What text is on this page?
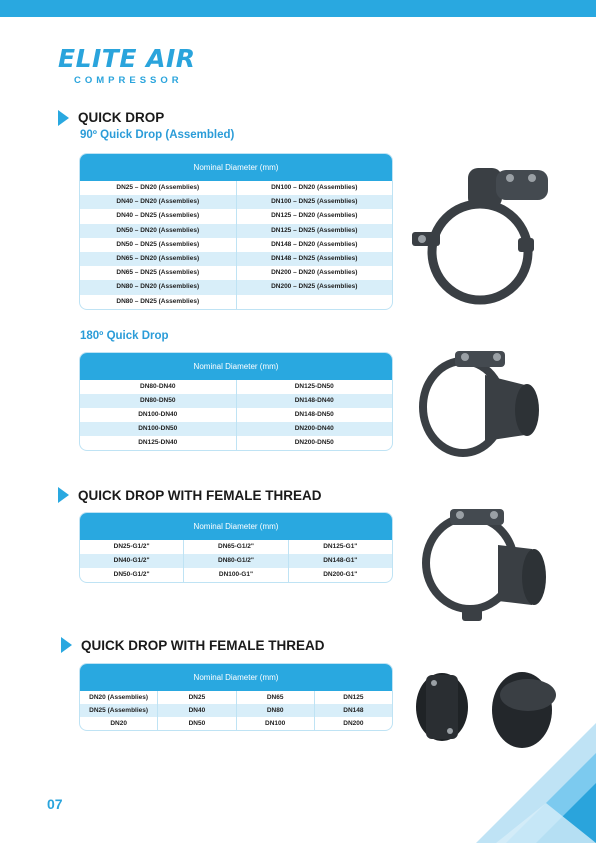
ELITE AIR
COMPRESSOR
QUICK DROP
90º Quick Drop (Assembled)
Nominal Diameter (mm)
DN25 – DN20 (Assemblies)
DN40 – DN20 (Assemblies)
DN40 – DN25 (Assemblies)
DN50 – DN20 (Assemblies)
DN50 – DN25 (Assemblies)
DN65 – DN20 (Assemblies)
DN65 – DN25 (Assemblies)
DN80 – DN20 (Assemblies)
DN80 – DN25 (Assemblies)
DN100 – DN20 (Assemblies)
DN100 – DN25 (Assemblies)
DN125 – DN20 (Assemblies)
DN125 – DN25 (Assemblies)
DN148 – DN20 (Assemblies)
DN148 – DN25 (Assemblies)
DN200 – DN20 (Assemblies)
DN200 – DN25 (Assemblies)
180º Quick Drop
Nominal Diameter (mm)
DN80-DN40
DN80-DN50
DN100-DN40
DN100-DN50
DN125-DN40
DN125-DN50
DN148-DN40
DN148-DN50
DN200-DN40
DN200-DN50
QUICK DROP WITH FEMALE THREAD
Nominal Diameter (mm)
DN25-G1/2"
DN40-G1/2"
DN50-G1/2"
DN65-G1/2"
DN80-G1/2"
DN100-G1"
DN125-G1"
DN148-G1"
DN200-G1"
QUICK DROP WITH FEMALE THREAD
Nominal Diameter (mm)
DN20 (Assemblies)
DN25 (Assemblies)
DN20
DN25
DN40
DN50
DN65
DN80
DN100
DN125
DN148
DN200
07
